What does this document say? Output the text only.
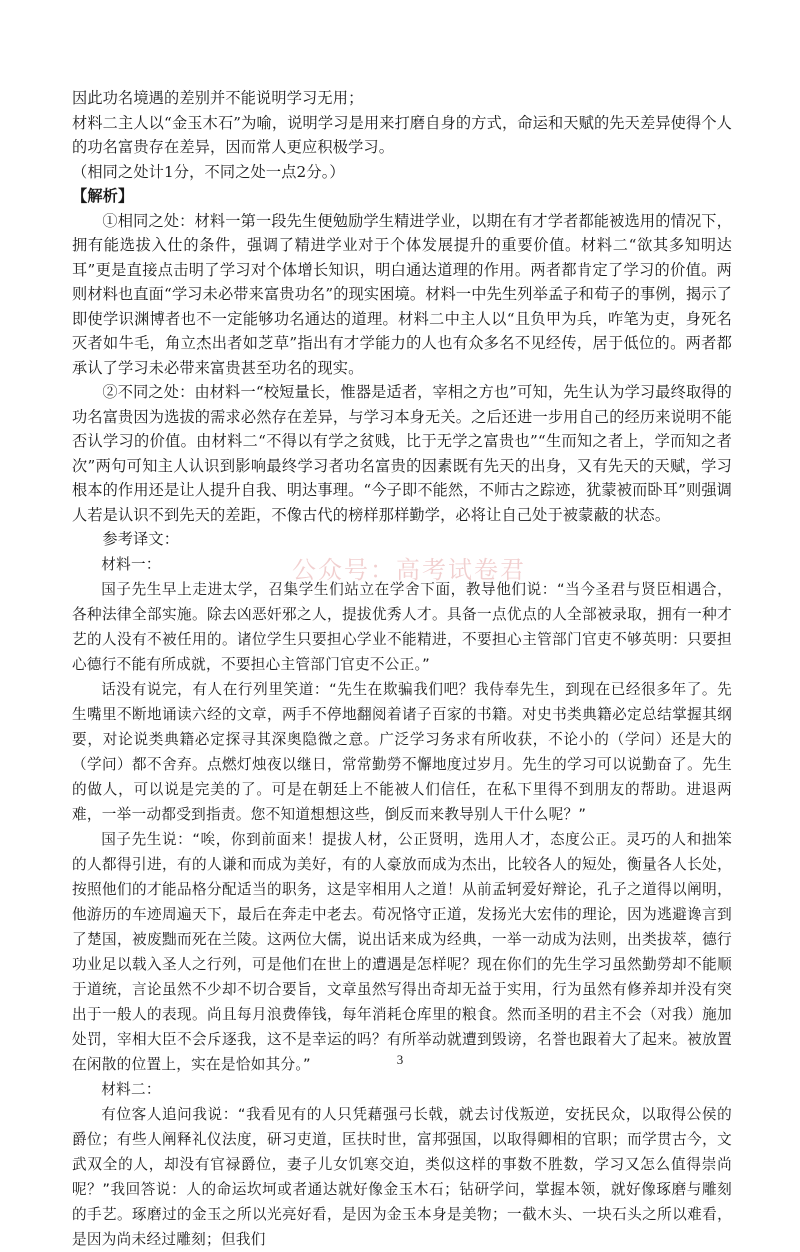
因此功名境遇的差别并不能说明学习无用；

材料二主人以“金玉木石”为喻，说明学习是用来打磨自身的方式，命运和天赋的先天差异使得个人的功名富贵存在差异，因而常人更应积极学习。

（相同之处计1分，不同之处一点2分。）

【解析】

①相同之处：材料一第一段先生便勉励学生精进学业，以期在有才学者都能被选用的情况下，拥有能选拔入仕的条件，强调了精进学业对于个体发展提升的重要价值。材料二“欲其多知明达耳”更是直接点击明了学习对个体增长知识，明白通达道理的作用。两者都肯定了学习的价值。两则材料也直面“学习未必带来富贵功名”的现实困境。材料一中先生列举孟子和荀子的事例，揭示了即使学识渊博者也不一定能够功名通达的道理。材料二中主人以“且负甲为兵，咋笔为吏，身死名灭者如牛毛，角立杰出者如芝草”指出有才学能力的人也有众多名不见经传，居于低位的。两者都承认了学习未必带来富贵甚至功名的现实。

②不同之处：由材料一“校短量长，惟器是适者，宰相之方也”可知，先生认为学习最终取得的功名富贵因为选拔的需求必然存在差异，与学习本身无关。之后还进一步用自己的经历来说明不能否认学习的价值。由材料二“不得以有学之贫贱，比于无学之富贵也”“生而知之者上，学而知之者次”两句可知主人认识到影响最终学习者功名富贵的因素既有先天的出身，又有先天的天赋，学习根本的作用还是让人提升自我、明达事理。“今子即不能然，不师古之踪迹，犹蒙被而卧耳”则强调人若是认识不到先天的差距，不像古代的榜样那样勤学，必将让自己处于被蒙蔽的状态。

参考译文：

材料一：

国子先生早上走进太学，召集学生们站立在学舍下面，教导他们说：“当今圣君与贤臣相遇合，各种法律全部实施。除去凶恶奸邪之人，提拔优秀人才。具备一点优点的人全部被录取，拥有一种才艺的人没有不被任用的。诸位学生只要担心学业不能精进，不要担心主管部门官吏不够英明：只要担心德行不能有所成就，不要担心主管部门官吏不公正。”

话没有说完，有人在行列里笑道：“先生在欺骗我们吧？我侍奉先生，到现在已经很多年了。先生嘴里不断地诵读六经的文章，两手不停地翻阅着诸子百家的书籍。对史书类典籍必定总结掌握其纲要，对论说类典籍必定探寻其深奥隐微之意。广泛学习务求有所收获，不论小的（学问）还是大的（学问）都不舍弃。点燃灯烛夜以继日，常常勤勞不懈地度过岁月。先生的学习可以说勤奋了。先生的做人，可以说是完美的了。可是在朝廷上不能被人们信任，在私下里得不到朋友的帮助。进退两难，一举一动都受到指责。您不知道想想这些，倒反而来教导别人干什么呢？”

国子先生说：“唉，你到前面来！提拔人材，公正贤明，选用人才，态度公正。灵巧的人和拙笨的人都得引进，有的人谦和而成为美好，有的人豪放而成为杰出，比较各人的短处，衡量各人长处，按照他们的才能品格分配适当的职务，这是宰相用人之道！从前孟轲爱好辩论，孔子之道得以阐明，他游历的车迹周遍天下，最后在奔走中老去。荀况恪守正道，发扬光大宏伟的理论，因为逃避谗言到了楚国，被废黜而死在兰陵。这两位大儒，说出话来成为经典，一举一动成为法则，出类拔萃，德行功业足以载入圣人之行列，可是他们在世上的遭遇是怎样呢？现在你们的先生学习虽然勤勞却不能顺于道统，言论虽然不少却不切合要旨，文章虽然写得出奇却无益于实用，行为虽然有修养却并没有突出于一般人的表现。尚且每月浪费俸钱，每年消耗仓库里的粮食。然而圣明的君主不会（对我）施加处罚，宰相大臣不会斥逐我，这不是幸运的吗？有所举动就遭到毁谤，名誉也跟着大了起来。被放置在闲散的位置上，实在是恰如其分。”

材料二：

有位客人追问我说：“我看见有的人只凭藉强弓长戟，就去讨伐叛逆，安抚民众，以取得公侯的爵位；有些人阐释礼仪法度，研习吏道，匡扶时世，富邦强国，以取得卿相的官职；而学贯古今，文武双全的人，却没有官禄爵位，妻子儿女饥寒交迫，类似这样的事数不胜数，学习又怎么值得崇尚呢？”我回答说：人的命运坎坷或者通达就好像金玉木石；钻研学问，掌握本领，就好像琢磨与雕刻的手艺。琢磨过的金玉之所以光亮好看，是因为金玉本身是美物；一截木头、一块石头之所以难看，是因为尚未经过雕刻；但我们

公众号：高考试卷君
3
